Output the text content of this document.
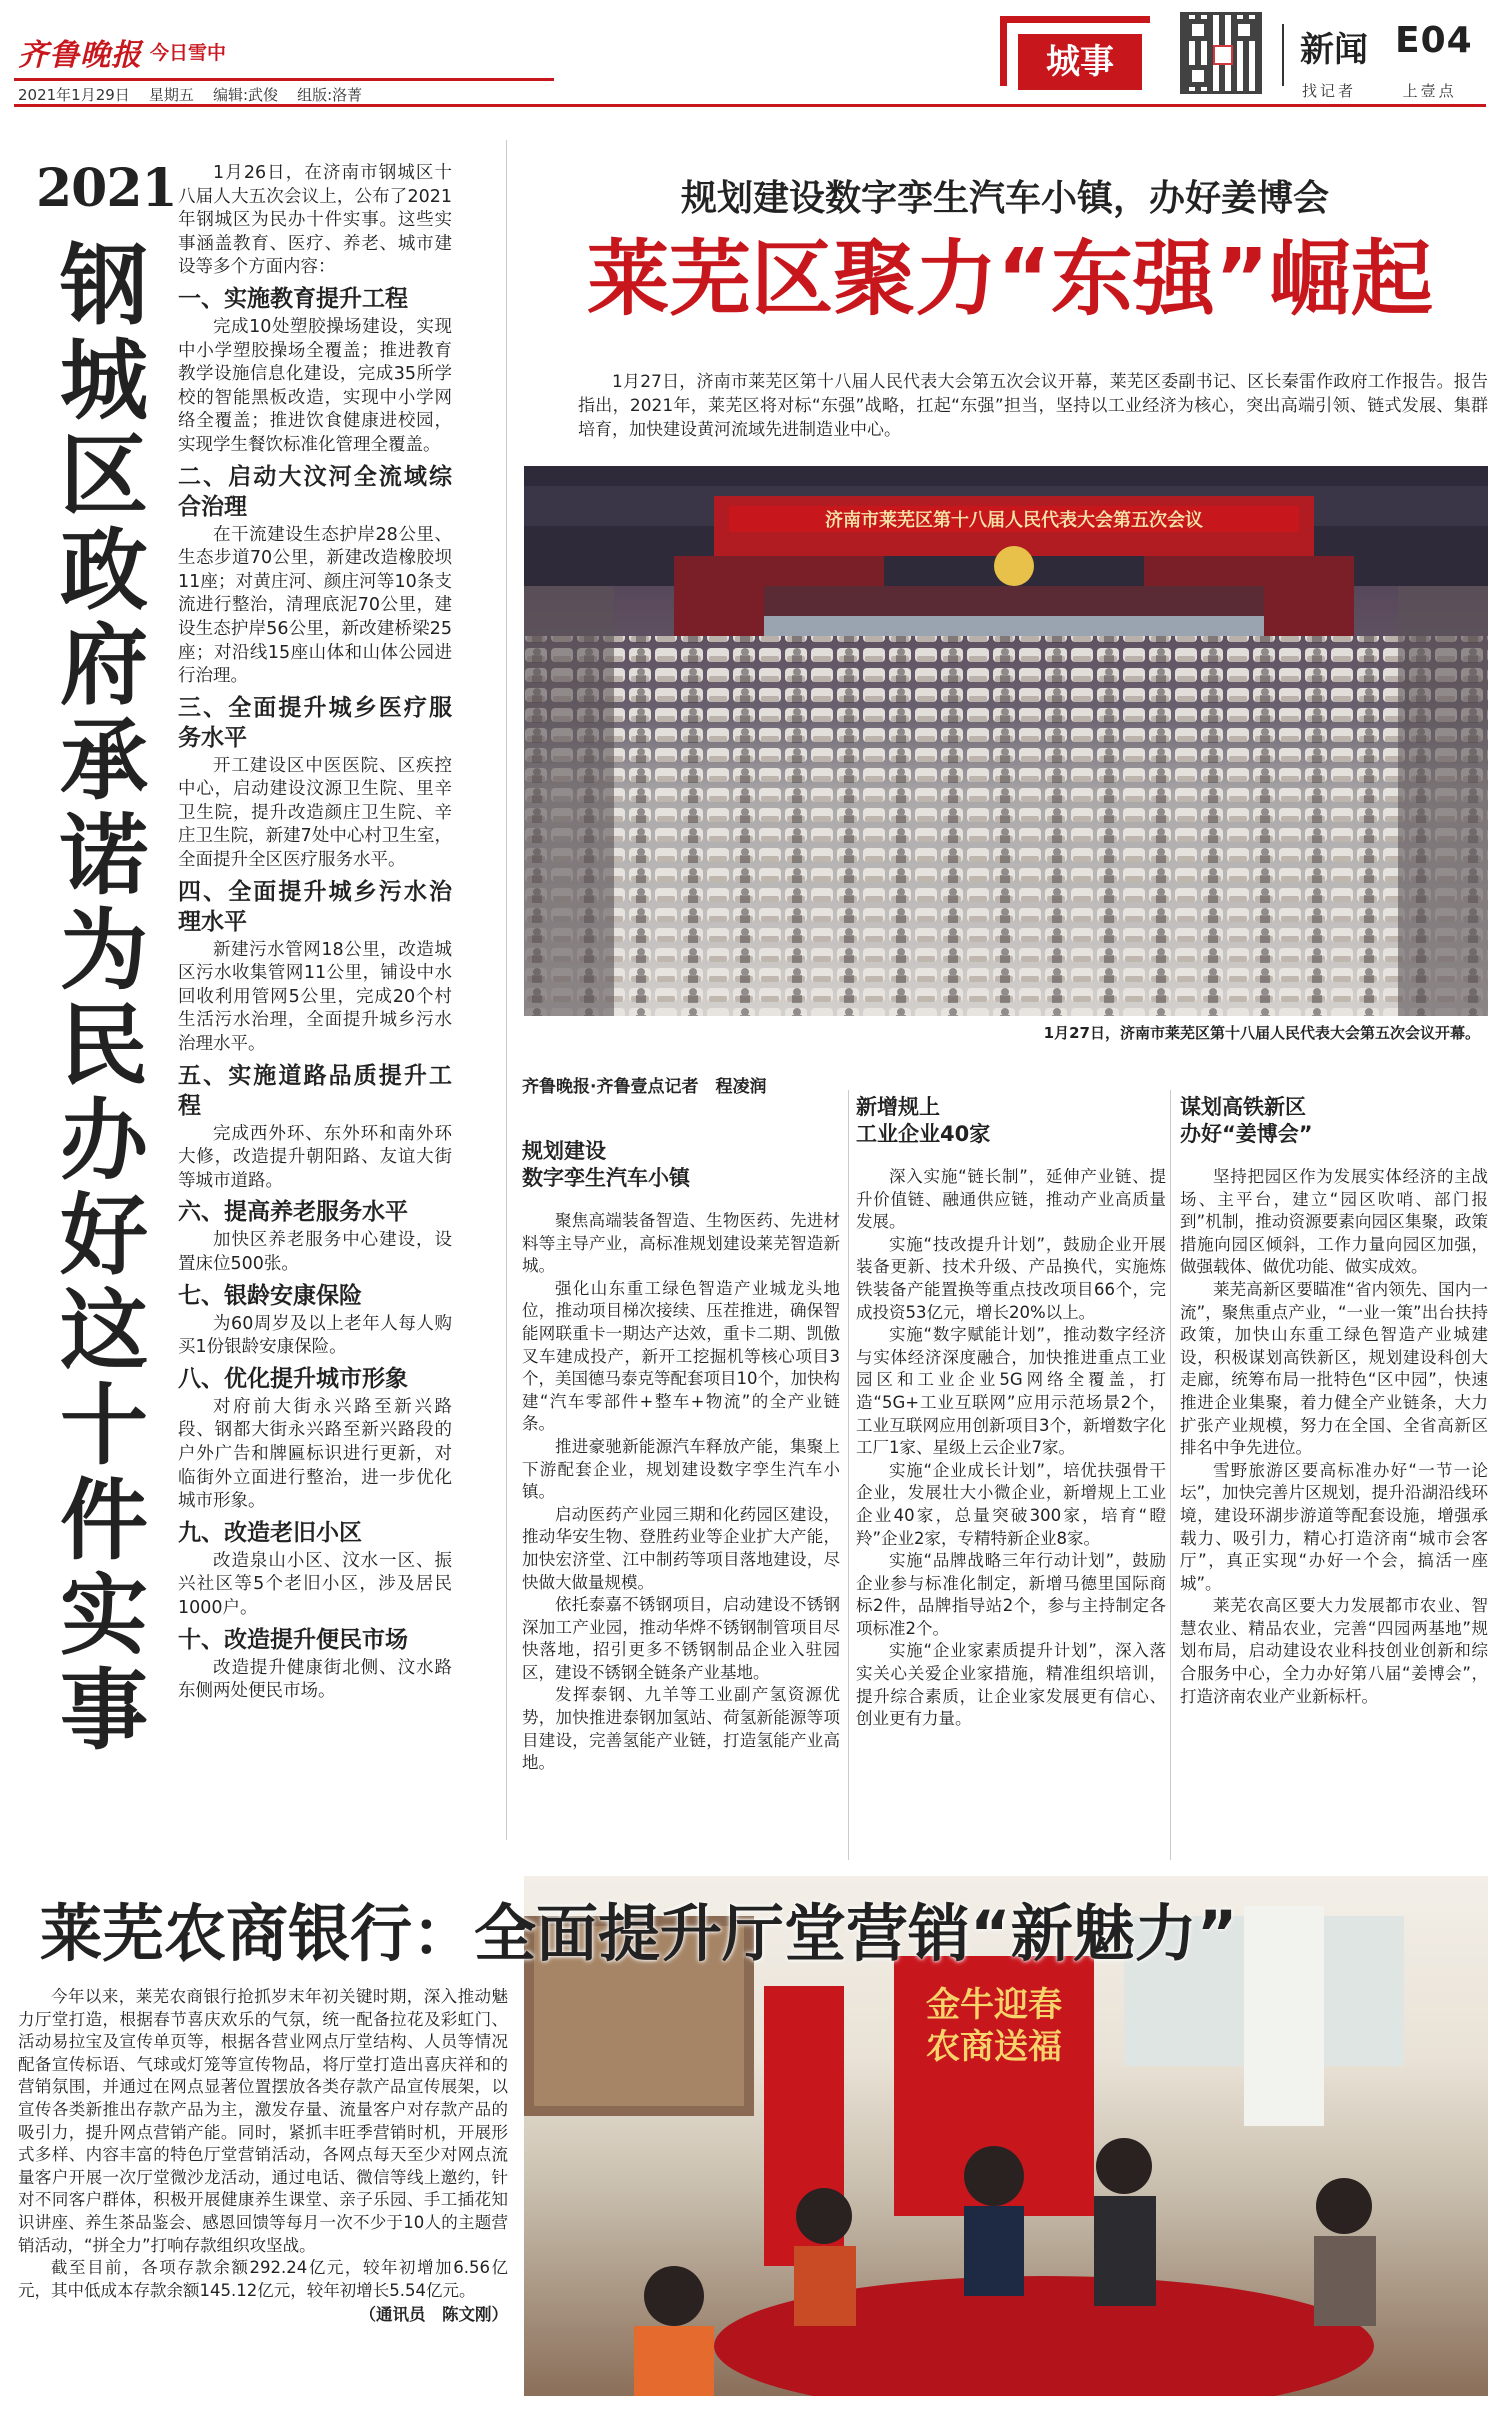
齐鲁晚报 今日雪中
2021年1月29日 星期五 编辑:武俊 组版:洛菁
城事	新闻 E04
找记者	上壹点
2021
钢
城
区
政
府
承
诺
为
民
办
好
这
十
件
实
事

1月26日，在济南市钢城区十八届人大五次会议上，公布了2021年钢城区为民办十件实事。这些实事涵盖教育、医疗、养老、城市建设等多个方面内容：

一、实施教育提升工程

完成10处塑胶操场建设，实现中小学塑胶操场全覆盖；推进教育教学设施信息化建设，完成35所学校的智能黑板改造，实现中小学网络全覆盖；推进饮食健康进校园，实现学生餐饮标准化管理全覆盖。

二、启动大汶河全流域综合治理

在干流建设生态护岸28公里、生态步道70公里，新建改造橡胶坝11座；对黄庄河、颜庄河等10条支流进行整治，清理底泥70公里，建设生态护岸56公里，新改建桥梁25座；对沿线15座山体和山体公园进行治理。

三、全面提升城乡医疗服务水平

开工建设区中医医院、区疾控中心，启动建设汶源卫生院、里辛卫生院，提升改造颜庄卫生院、辛庄卫生院，新建7处中心村卫生室，全面提升全区医疗服务水平。

四、全面提升城乡污水治理水平

新建污水管网18公里，改造城区污水收集管网11公里，铺设中水回收利用管网5公里，完成20个村生活污水治理，全面提升城乡污水治理水平。

五、实施道路品质提升工程

完成西外环、东外环和南外环大修，改造提升朝阳路、友谊大街等城市道路。

六、提高养老服务水平

加快区养老服务中心建设，设置床位500张。

七、银龄安康保险

为60周岁及以上老年人每人购买1份银龄安康保险。

八、优化提升城市形象

对府前大街永兴路至新兴路段、钢都大街永兴路至新兴路段的户外广告和牌匾标识进行更新，对临街外立面进行整治，进一步优化城市形象。

九、改造老旧小区

改造泉山小区、汶水一区、振兴社区等5个老旧小区，涉及居民1000户。

十、改造提升便民市场

改造提升健康街北侧、汶水路东侧两处便民市场。

规划建设数字孪生汽车小镇，办好姜博会
莱芜区聚力“东强”崛起

1月27日，济南市莱芜区第十八届人民代表大会第五次会议开幕，莱芜区委副书记、区长秦雷作政府工作报告。报告指出，2021年，莱芜区将对标“东强”战略，扛起“东强”担当，坚持以工业经济为核心，突出高端引领、链式发展、集群培育，加快建设黄河流域先进制造业中心。

济南市莱芜区第十八届人民代表大会第五次会议
1月27日，济南市莱芜区第十八届人民代表大会第五次会议开幕。
齐鲁晚报·齐鲁壹点记者　程凌润
规划建设
数字孪生汽车小镇

聚焦高端装备智造、生物医药、先进材料等主导产业，高标准规划建设莱芜智造新城。

强化山东重工绿色智造产业城龙头地位，推动项目梯次接续、压茬推进，确保智能网联重卡一期达产达效，重卡二期、凯傲叉车建成投产，新开工挖掘机等核心项目3个，美国德马泰克等配套项目10个，加快构建“汽车零部件+整车+物流”的全产业链条。

推进豪驰新能源汽车释放产能，集聚上下游配套企业，规划建设数字孪生汽车小镇。

启动医药产业园三期和化药园区建设，推动华安生物、登胜药业等企业扩大产能，加快宏济堂、江中制药等项目落地建设，尽快做大做量规模。

依托泰嘉不锈钢项目，启动建设不锈钢深加工产业园，推动华烨不锈钢制管项目尽快落地，招引更多不锈钢制品企业入驻园区，建设不锈钢全链条产业基地。

发挥泰钢、九羊等工业副产氢资源优势，加快推进泰钢加氢站、荷氢新能源等项目建设，完善氢能产业链，打造氢能产业高地。

新增规上
工业企业40家

深入实施“链长制”，延伸产业链、提升价值链、融通供应链，推动产业高质量发展。

实施“技改提升计划”，鼓励企业开展装备更新、技术升级、产品换代，实施炼铁装备产能置换等重点技改项目66个，完成投资53亿元，增长20%以上。

实施“数字赋能计划”，推动数字经济与实体经济深度融合，加快推进重点工业园区和工业企业5G网络全覆盖，打造“5G+工业互联网”应用示范场景2个，工业互联网应用创新项目3个，新增数字化工厂1家、星级上云企业7家。

实施“企业成长计划”，培优扶强骨干企业，发展壮大小微企业，新增规上工业企业40家，总量突破300家，培育“瞪羚”企业2家，专精特新企业8家。

实施“品牌战略三年行动计划”，鼓励企业参与标准化制定，新增马德里国际商标2件，品牌指导站2个，参与主持制定各项标准2个。

实施“企业家素质提升计划”，深入落实关心关爱企业家措施，精准组织培训，提升综合素质，让企业家发展更有信心、创业更有力量。

谋划高铁新区
办好“姜博会”

坚持把园区作为发展实体经济的主战场、主平台，建立“园区吹哨、部门报到”机制，推动资源要素向园区集聚，政策措施向园区倾斜，工作力量向园区加强，做强载体、做优功能、做实成效。

莱芜高新区要瞄准“省内领先、国内一流”，聚焦重点产业，“一业一策”出台扶持政策，加快山东重工绿色智造产业城建设，积极谋划高铁新区，规划建设科创大走廊，统筹布局一批特色“区中园”，快速推进企业集聚，着力健全产业链条，大力扩张产业规模，努力在全国、全省高新区排名中争先进位。

雪野旅游区要高标准办好“一节一论坛”，加快完善片区规划，提升沿湖沿线环境，建设环湖步游道等配套设施，增强承载力、吸引力，精心打造济南“城市会客厅”，真正实现“办好一个会，搞活一座城”。

莱芜农高区要大力发展都市农业、智慧农业、精品农业，完善“四园两基地”规划布局，启动建设农业科技创业创新和综合服务中心，全力办好第八届“姜博会”，打造济南农业产业新标杆。

金牛迎春
农商送福
莱芜农商银行：全面提升厅堂营销“新魅力”

今年以来，莱芜农商银行抢抓岁末年初关键时期，深入推动魅力厅堂打造，根据春节喜庆欢乐的气氛，统一配备拉花及彩虹门、活动易拉宝及宣传单页等，根据各营业网点厅堂结构、人员等情况配备宣传标语、气球或灯笼等宣传物品，将厅堂打造出喜庆祥和的营销氛围，并通过在网点显著位置摆放各类存款产品宣传展架，以宣传各类新推出存款产品为主，激发存量、流量客户对存款产品的吸引力，提升网点营销产能。同时，紧抓丰旺季营销时机，开展形式多样、内容丰富的特色厅堂营销活动，各网点每天至少对网点流量客户开展一次厅堂微沙龙活动，通过电话、微信等线上邀约，针对不同客户群体，积极开展健康养生课堂、亲子乐园、手工插花知识讲座、养生茶品鉴会、感恩回馈等每月一次不少于10人的主题营销活动，“拼全力”打响存款组织攻坚战。

截至目前，各项存款余额292.24亿元，较年初增加6.56亿元，其中低成本存款余额145.12亿元，较年初增长5.54亿元。

（通讯员　陈文刚）
